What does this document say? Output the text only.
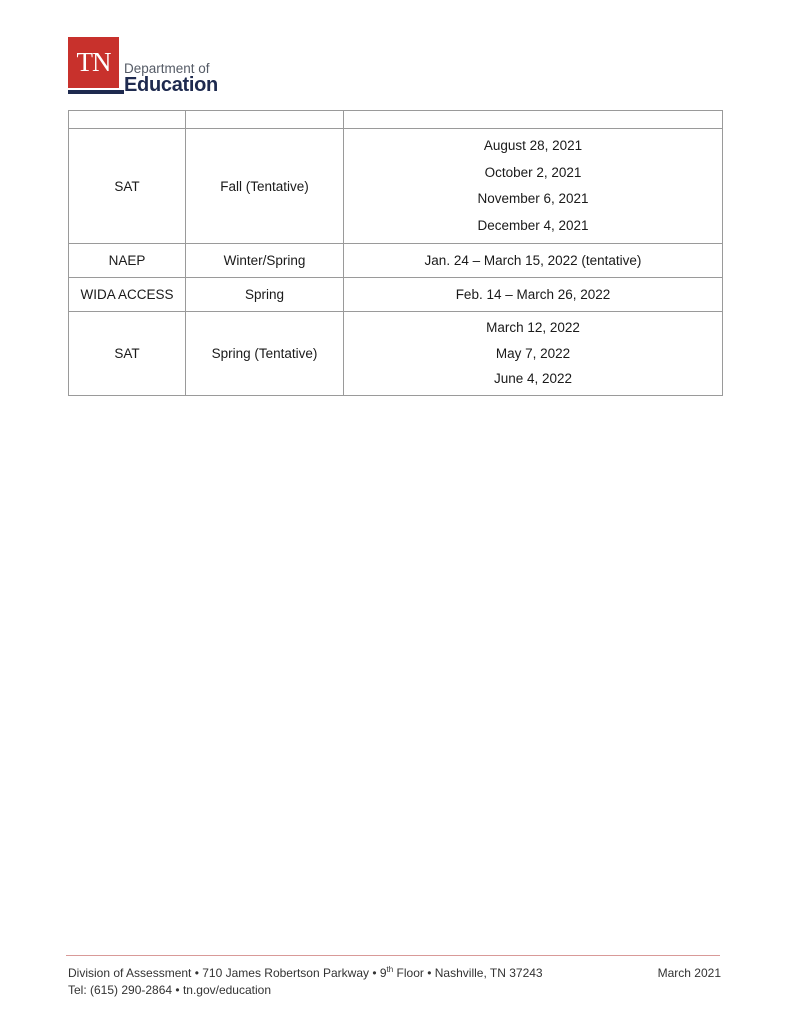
TN	Department of
Education

SAT	Fall (Tentative)	August 28, 2021
October 2, 2021
November 6, 2021
December 4, 2021

NAEP	Winter/Spring	Jan. 24 – March 15, 2022 (tentative)
WIDA ACCESS	Spring	Feb. 14 – March 26, 2022
SAT	Spring (Tentative)	March 12, 2022
May 7, 2022
June 4, 2022
Division of Assessment • 710 James Robertson Parkway • 9th Floor • Nashville, TN 37243
Tel: (615) 290-2864 • tn.gov/education
March 2021
